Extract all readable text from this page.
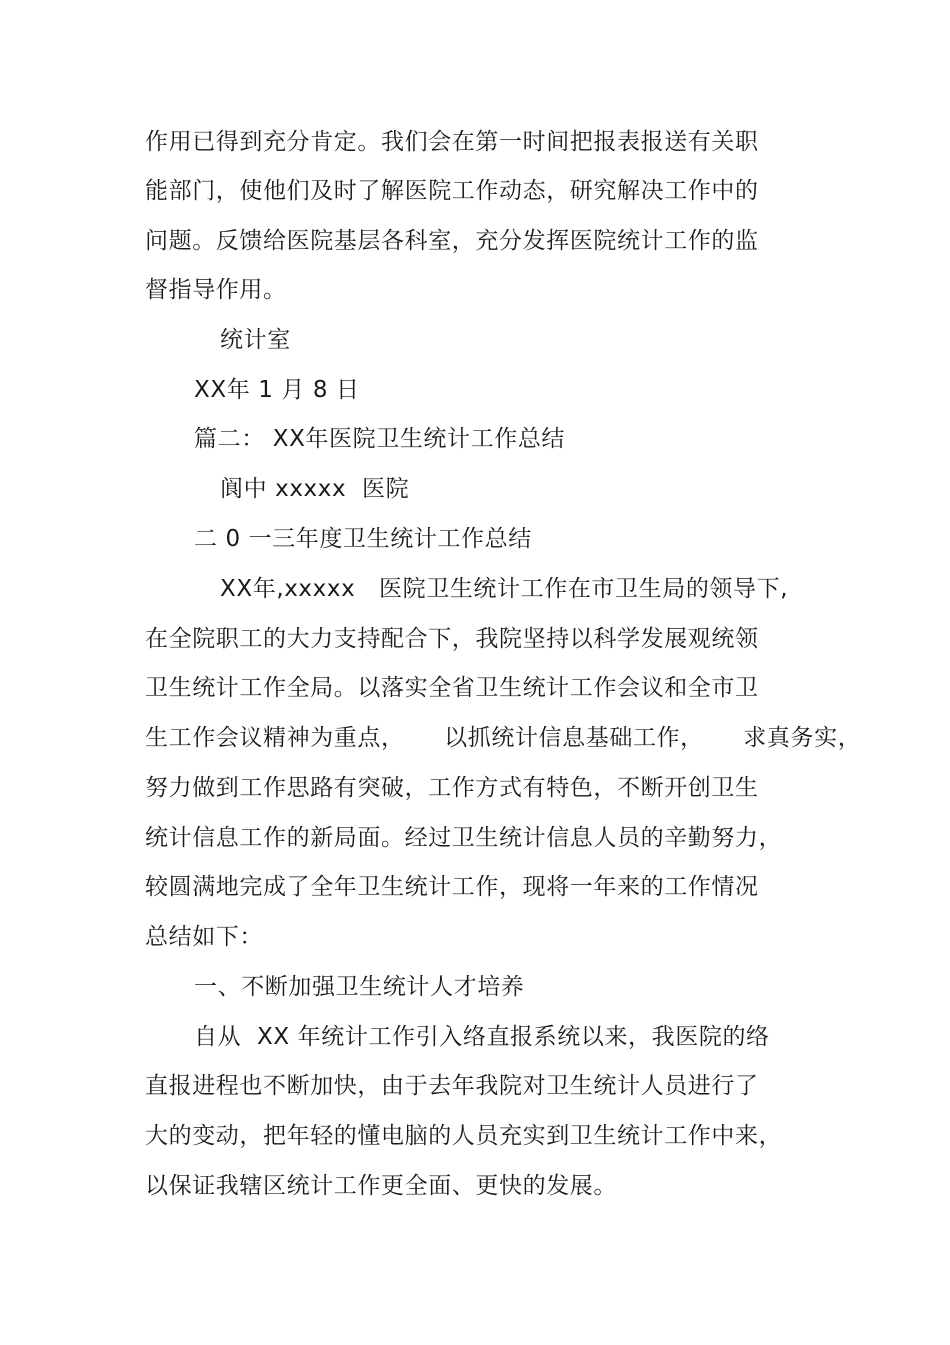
作用已得到充分肯定。我们会在第一时间把报表报送有关职
能部门，使他们及时了解医院工作动态，研究解决工作中的
问题。反馈给医院基层各科室，充分发挥医院统计工作的监
督指导作用。
统计室
XX年 1 月 8 日
篇二： XX年医院卫生统计工作总结
阆中 xxxxx  医院
二 0 一三年度卫生统计工作总结
XX年,xxxxx   医院卫生统计工作在市卫生局的领导下,
在全院职工的大力支持配合下，我院坚持以科学发展观统领
卫生统计工作全局。以落实全省卫生统计工作会议和全市卫
生工作会议精神为重点，     以抓统计信息基础工作，     求真务实，
努力做到工作思路有突破，工作方式有特色，不断开创卫生
统计信息工作的新局面。经过卫生统计信息人员的辛勤努力，
较圆满地完成了全年卫生统计工作，现将一年来的工作情况
总结如下：
一、不断加强卫生统计人才培养
自从  XX 年统计工作引入络直报系统以来，我医院的络
直报进程也不断加快，由于去年我院对卫生统计人员进行了
大的变动，把年轻的懂电脑的人员充实到卫生统计工作中来，
以保证我辖区统计工作更全面、更快的发展。
